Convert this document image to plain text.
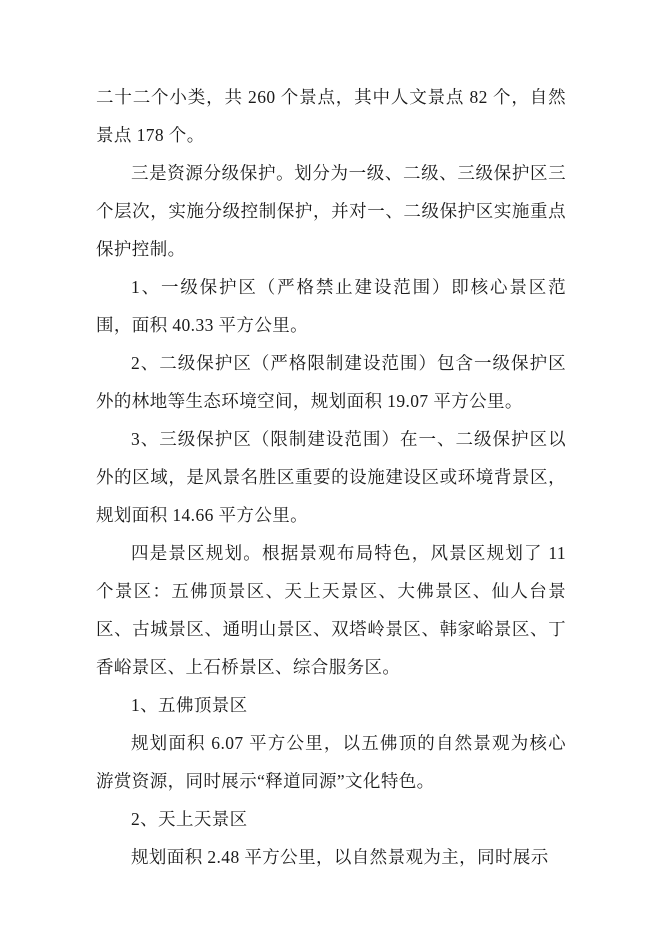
二十二个小类，共 260 个景点，其中人文景点 82 个，自然景点 178 个。

三是资源分级保护。划分为一级、二级、三级保护区三个层次，实施分级控制保护，并对一、二级保护区实施重点保护控制。

1、一级保护区（严格禁止建设范围）即核心景区范围，面积 40.33 平方公里。

2、二级保护区（严格限制建设范围）包含一级保护区外的林地等生态环境空间，规划面积 19.07 平方公里。

3、三级保护区（限制建设范围）在一、二级保护区以外的区域，是风景名胜区重要的设施建设区或环境背景区，规划面积 14.66 平方公里。

四是景区规划。根据景观布局特色，风景区规划了 11 个景区：五佛顶景区、天上天景区、大佛景区、仙人台景区、古城景区、通明山景区、双塔岭景区、韩家峪景区、丁香峪景区、上石桥景区、综合服务区。

1、五佛顶景区

规划面积 6.07 平方公里，以五佛顶的自然景观为核心游赏资源，同时展示“释道同源”文化特色。

2、天上天景区

规划面积 2.48 平方公里，以自然景观为主，同时展示
